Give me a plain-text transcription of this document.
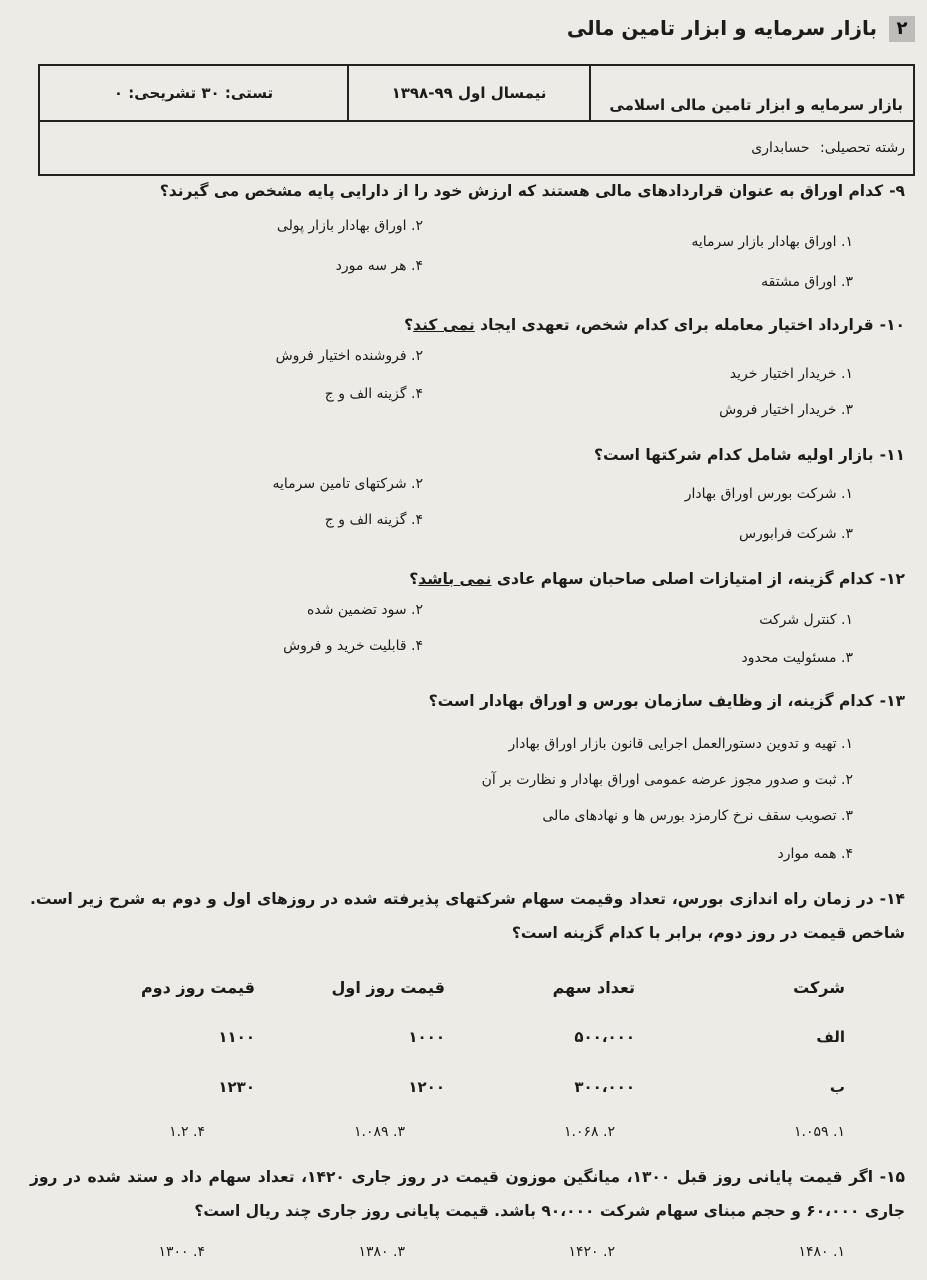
۲
بازار سرمایه و ابزار تامین مالی
بازار سرمایه و ابزار تامین مالی اسلامی
نیمسال اول ۹۹-۱۳۹۸
تستی: ۳۰ تشریحی: ۰
رشته تحصیلی: حسابداری
۹-کدام اوراق به عنوان قراردادهای مالی هستند که ارزش خود را از دارایی پایه مشخص می گیرند؟
۱. اوراق بهادار بازار سرمایه
۲. اوراق بهادار بازار پولی
۳. اوراق مشتقه
۴. هر سه مورد
۱۰-قرارداد اختیار معامله برای کدام شخص، تعهدی ایجاد نمی کند؟
۱. خریدار اختیار خرید
۲. فروشنده اختیار فروش
۳. خریدار اختیار فروش
۴. گزینه الف و ج
۱۱-بازار اولیه شامل کدام شرکتها است؟
۱. شرکت بورس اوراق بهادار
۲. شرکتهای تامین سرمایه
۳. شرکت فرابورس
۴. گزینه الف و ج
۱۲-کدام گزینه، از امتیازات اصلی صاحبان سهام عادی نمی باشد؟
۱. کنترل شرکت
۲. سود تضمین شده
۳. مسئولیت محدود
۴. قابلیت خرید و فروش
۱۳-کدام گزینه، از وظایف سازمان بورس و اوراق بهادار است؟
۱. تهیه و تدوین دستورالعمل اجرایی قانون بازار اوراق بهادار
۲. ثبت و صدور مجوز عرضه عمومی اوراق بهادار و نظارت بر آن
۳. تصویب سقف نرخ کارمزد بورس ها و نهادهای مالی
۴. همه موارد
۱۴- در زمان راه اندازی بورس، تعداد وقیمت سهام شرکتهای پذیرفته شده در روزهای اول و دوم به شرح زیر است. شاخص قیمت در روز دوم، برابر با کدام گزینه است؟
شرکت
تعداد سهم
قیمت روز اول
قیمت روز دوم
الف
۵۰۰،۰۰۰
۱۰۰۰
۱۱۰۰
ب
۳۰۰،۰۰۰
۱۲۰۰
۱۲۳۰
۱. ۱.۰۵۹
۲. ۱.۰۶۸
۳. ۱.۰۸۹
۴. ۱.۲
۱۵- اگر قیمت پایانی روز قبل ۱۳۰۰، میانگین موزون قیمت در روز جاری ۱۴۲۰، تعداد سهام داد و ستد شده در روز جاری ۶۰،۰۰۰ و حجم مبنای سهام شرکت ۹۰،۰۰۰ باشد. قیمت پایانی روز جاری چند ریال است؟
۱. ۱۴۸۰
۲. ۱۴۲۰
۳. ۱۳۸۰
۴. ۱۳۰۰
